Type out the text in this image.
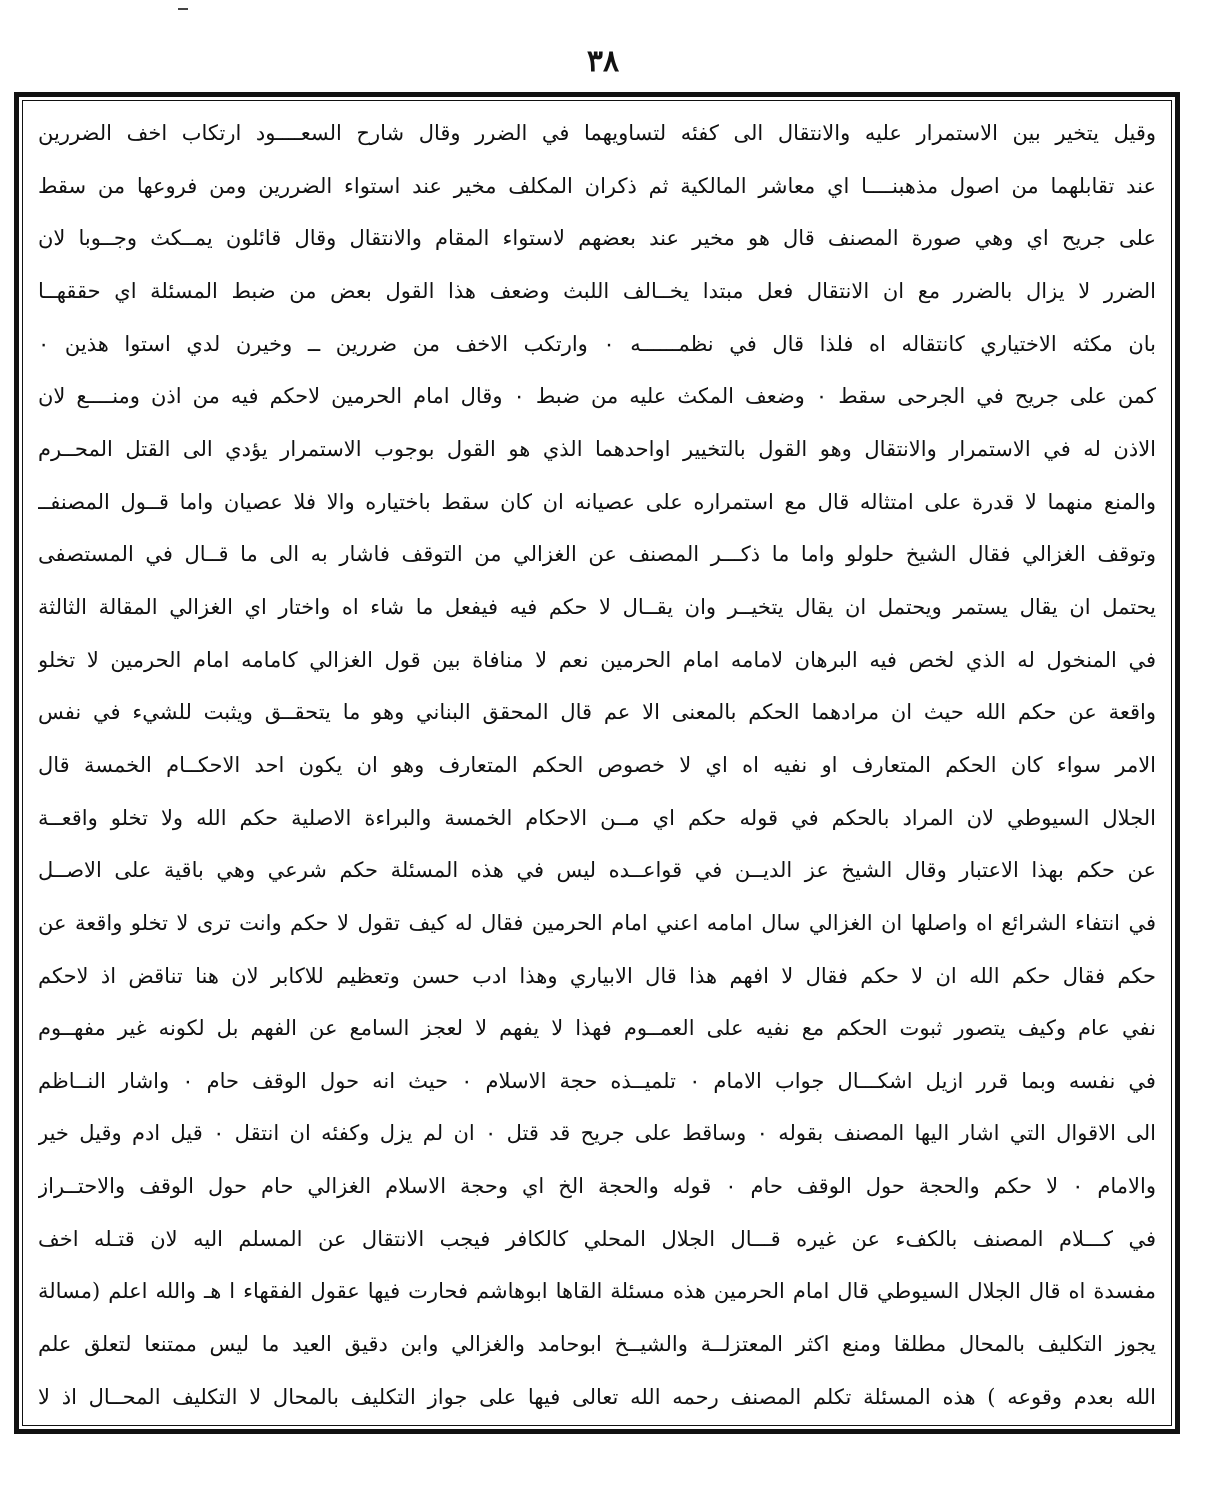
٣٨
وقيل يتخير بين الاستمرار عليه والانتقال الى كفئه لتساويهما في الضرر وقال شارح السعــــود ارتكاب اخف الضررين
عند تقابلهما من اصول مذهبنــــا اي معاشر المالكية ثم ذكران المكلف مخير عند استواء الضررين ومن فروعها من سقط
على جريح اي وهي صورة المصنف قال هو مخير عند بعضهم لاستواء المقام والانتقال وقال قائلون يمــكث وجــوبا لان
الضرر لا يزال بالضرر مع ان الانتقال فعل مبتدا يخــالف اللبث وضعف هذا القول بعض من ضبط المسئلة اي حققهــا
بان مكثه الاختياري كانتقاله اه فلذا قال في نظمــــــه ٠ وارتكب الاخف من ضررين ــ وخيرن لدي استوا هذين ٠
كمن على جريح في الجرحى سقط ٠ وضعف المكث عليه من ضبط ٠ وقال امام الحرمين لاحكم فيه من اذن ومنــــع لان
الاذن له في الاستمرار والانتقال وهو القول بالتخيير اواحدهما الذي هو القول بوجوب الاستمرار يؤدي الى القتل المحــرم
والمنع منهما لا قدرة على امتثاله قال مع استمراره على عصيانه ان كان سقط باختياره والا فلا عصيان واما قــول المصنفــ
وتوقف الغزالي فقال الشيخ حلولو واما ما ذكـــر المصنف عن الغزالي من التوقف فاشار به الى ما قــال في المستصفى
يحتمل ان يقال يستمر ويحتمل ان يقال يتخيــر وان يقــال لا حكم فيه فيفعل ما شاء اه واختار اي الغزالي المقالة الثالثة
في المنخول له الذي لخص فيه البرهان لامامه امام الحرمين نعم لا منافاة بين قول الغزالي كامامه امام الحرمين لا تخلو
واقعة عن حكم الله حيث ان مرادهما الحكم بالمعنى الا عم قال المحقق البناني وهو ما يتحقــق ويثبت للشيء في نفس
الامر سواء كان الحكم المتعارف او نفيه اه اي لا خصوص الحكم المتعارف وهو ان يكون احد الاحكــام الخمسة قال
الجلال السيوطي لان المراد بالحكم في قوله حكم اي مــن الاحكام الخمسة والبراءة الاصلية حكم الله ولا تخلو واقعــة
عن حكم بهذا الاعتبار وقال الشيخ عز الديــن في قواعــده ليس في هذه المسئلة حكم شرعي وهي باقية على الاصــل
في انتفاء الشرائع اه واصلها ان الغزالي سال امامه اعني امام الحرمين فقال له كيف تقول لا حكم وانت ترى لا تخلو واقعة عن
حكم فقال حكم الله ان لا حكم فقال لا افهم هذا قال الابياري وهذا ادب حسن وتعظيم للاكابر لان هنا تناقض اذ لاحكم
نفي عام وكيف يتصور ثبوت الحكم مع نفيه على العمــوم فهذا لا يفهم لا لعجز السامع عن الفهم بل لكونه غير مفهــوم
في نفسه وبما قرر ازيل اشكـــال جواب الامام ٠ تلميــذه حجة الاسلام ٠ حيث انه حول الوقف حام ٠ واشار النــاظم
الى الاقوال التي اشار اليها المصنف بقوله ٠ وساقط على جريح قد قتل ٠ ان لم يزل وكفئه ان انتقل ٠ قيل ادم وقيل خير
والامام ٠ لا حكم والحجة حول الوقف حام ٠ قوله والحجة الخ اي وحجة الاسلام الغزالي حام حول الوقف والاحتــراز
في كـــلام المصنف بالكفء عن غيره قـــال الجلال المحلي كالكافر فيجب الانتقال عن المسلم اليه لان قتـله اخف
مفسدة اه قال الجلال السيوطي قال امام الحرمين هذه مسئلة القاها ابوهاشم فحارت فيها عقول الفقهاء ا هـ والله اعلم (مسالة
يجوز التكليف بالمحال مطلقا ومنع اكثر المعتزلــة والشيــخ ابوحامد والغزالي وابن دقيق العيد ما ليس ممتنعا لتعلق علم
الله بعدم وقوعه ) هذه المسئلة تكلم المصنف رحمه الله تعالى فيها على جواز التكليف بالمحال لا التكليف المحــال اذ لا
